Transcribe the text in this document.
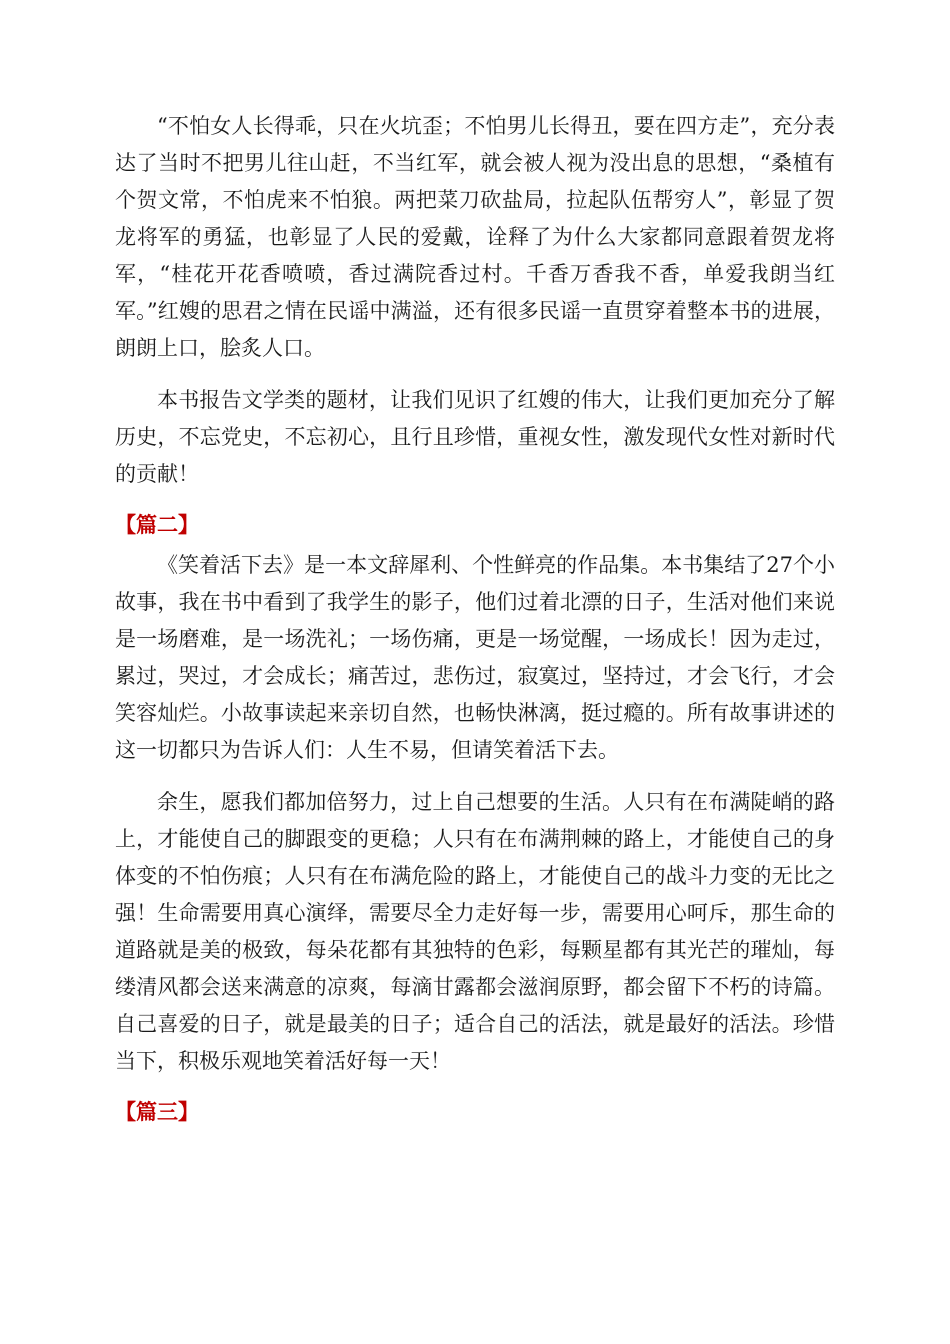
“不怕女人长得乖，只在火坑歪；不怕男儿长得丑，要在四方走”，充分表达了当时不把男儿往山赶，不当红军，就会被人视为没出息的思想，“桑植有个贺文常，不怕虎来不怕狼。两把菜刀砍盐局，拉起队伍帮穷人”，彰显了贺龙将军的勇猛，也彰显了人民的爱戴，诠释了为什么大家都同意跟着贺龙将军，“桂花开花香喷喷，香过满院香过村。千香万香我不香，单爱我朗当红军。”红嫂的思君之情在民谣中满溢，还有很多民谣一直贯穿着整本书的进展，朗朗上口，脍炙人口。

本书报告文学类的题材，让我们见识了红嫂的伟大，让我们更加充分了解历史，不忘党史，不忘初心，且行且珍惜，重视女性，激发现代女性对新时代的贡献！

【篇二】

《笑着活下去》是一本文辞犀利、个性鲜亮的作品集。本书集结了27个小故事，我在书中看到了我学生的影子，他们过着北漂的日子，生活对他们来说是一场磨难，是一场洗礼；一场伤痛，更是一场觉醒，一场成长！因为走过，累过，哭过，才会成长；痛苦过，悲伤过，寂寞过，坚持过，才会飞行，才会笑容灿烂。小故事读起来亲切自然，也畅快淋漓，挺过瘾的。所有故事讲述的这一切都只为告诉人们：人生不易，但请笑着活下去。

余生，愿我们都加倍努力，过上自己想要的生活。人只有在布满陡峭的路上，才能使自己的脚跟变的更稳；人只有在布满荆棘的路上，才能使自己的身体变的不怕伤痕；人只有在布满危险的路上，才能使自己的战斗力变的无比之强！生命需要用真心演绎，需要尽全力走好每一步，需要用心呵斥，那生命的道路就是美的极致，每朵花都有其独特的色彩，每颗星都有其光芒的璀灿，每缕清风都会送来满意的凉爽，每滴甘露都会滋润原野，都会留下不朽的诗篇。自己喜爱的日子，就是最美的日子；适合自己的活法，就是最好的活法。珍惜当下，积极乐观地笑着活好每一天！

【篇三】
